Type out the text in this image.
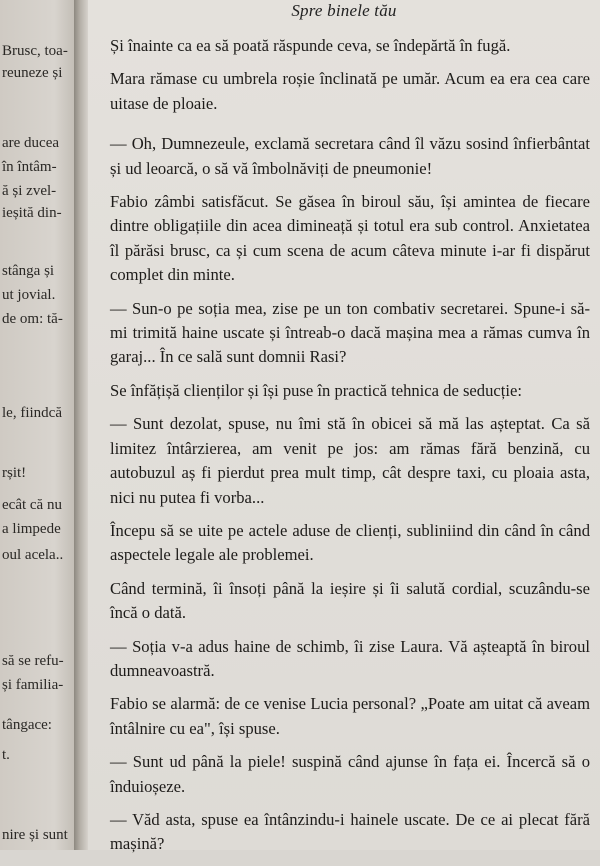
Brusc, toa-
reuneze și
are ducea
în întâm-
ă și zvel-
ieșită din-
stânga și
ut jovial.
de om: tă-
le, fiindcă
rșit!
ecât că nu
a limpede
oul acela..
să se refu-
și familia-
tângace:
t.
nire și sunt
Spre binele tău

Și înainte ca ea să poată răspunde ceva, se îndepărtă în fugă.

Mara rămase cu umbrela roșie înclinată pe umăr. Acum ea era cea care uitase de ploaie.

— Oh, Dumnezeule, exclamă secretara când îl văzu sosind înfierbântat și ud leoarcă, o să vă îmbolnăviți de pneumonie!

Fabio zâmbi satisfăcut. Se găsea în biroul său, își amintea de fiecare dintre obligațiile din acea dimineață și totul era sub control. Anxietatea îl părăsi brusc, ca și cum scena de acum câteva minute i-ar fi dispărut complet din minte.

— Sun-o pe soția mea, zise pe un ton combativ secretarei. Spune-i să-mi trimită haine uscate și întreab-o dacă mașina mea a rămas cumva în garaj... În ce sală sunt domnii Rasi?

Se înfățișă clienților și își puse în practică tehnica de seducție:

— Sunt dezolat, spuse, nu îmi stă în obicei să mă las așteptat. Ca să limitez întârzierea, am venit pe jos: am rămas fără benzină, cu autobuzul aș fi pierdut prea mult timp, cât despre taxi, cu ploaia asta, nici nu putea fi vorba...

Începu să se uite pe actele aduse de clienți, subliniind din când în când aspectele legale ale problemei.

Când termină, îi însoți până la ieșire și îi salută cordial, scuzându-se încă o dată.

— Soția v-a adus haine de schimb, îi zise Laura. Vă așteaptă în biroul dumneavoastră.

Fabio se alarmă: de ce venise Lucia personal? „Poate am uitat că aveam întâlnire cu ea", își spuse.

— Sunt ud până la piele! suspină când ajunse în fața ei. Încercă să o înduioșeze.

— Văd asta, spuse ea întânzindu-i hainele uscate. De ce ai plecat fără mașină?
